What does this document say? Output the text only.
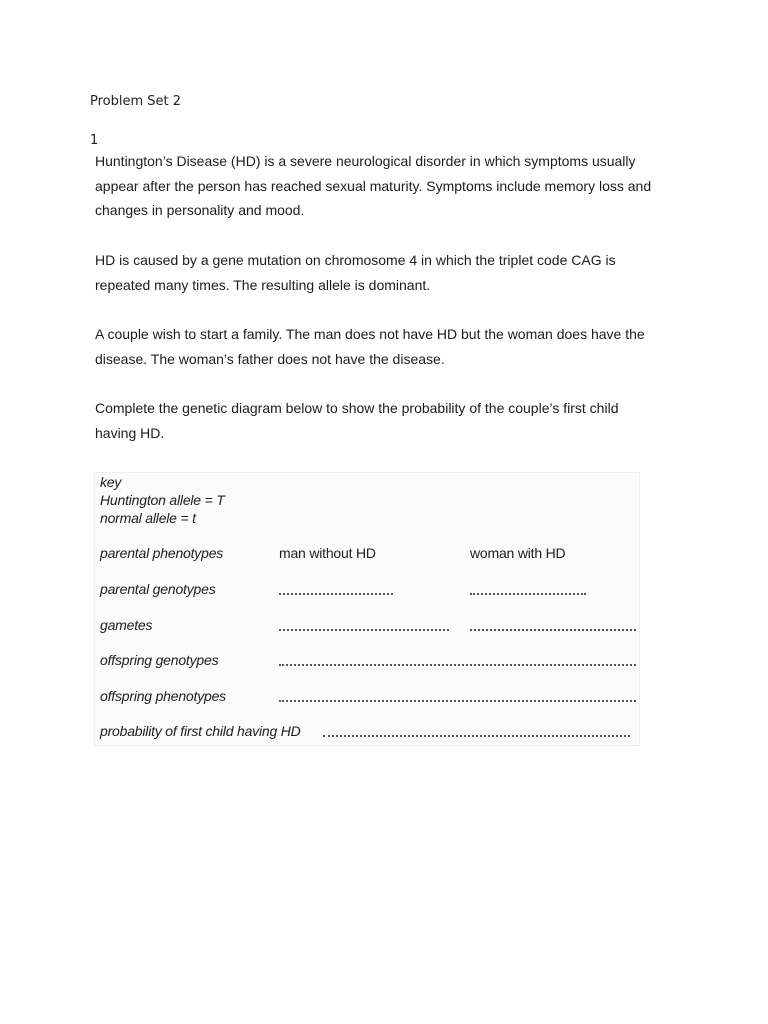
Problem Set 2
1

Huntington’s Disease (HD) is a severe neurological disorder in which symptoms usually appear after the person has reached sexual maturity. Symptoms include memory loss and changes in personality and mood.

HD is caused by a gene mutation on chromosome 4 in which the triplet code CAG is repeated many times. The resulting allele is dominant.

A couple wish to start a family. The man does not have HD but the woman does have the disease. The woman’s father does not have the disease.

Complete the genetic diagram below to show the probability of the couple’s first child having HD.

key
Huntington allele = T
normal allele = t
parental phenotypes	man without HD	woman with HD
parental genotypes
gametes
offspring genotypes
offspring phenotypes
probability of first child having HD
